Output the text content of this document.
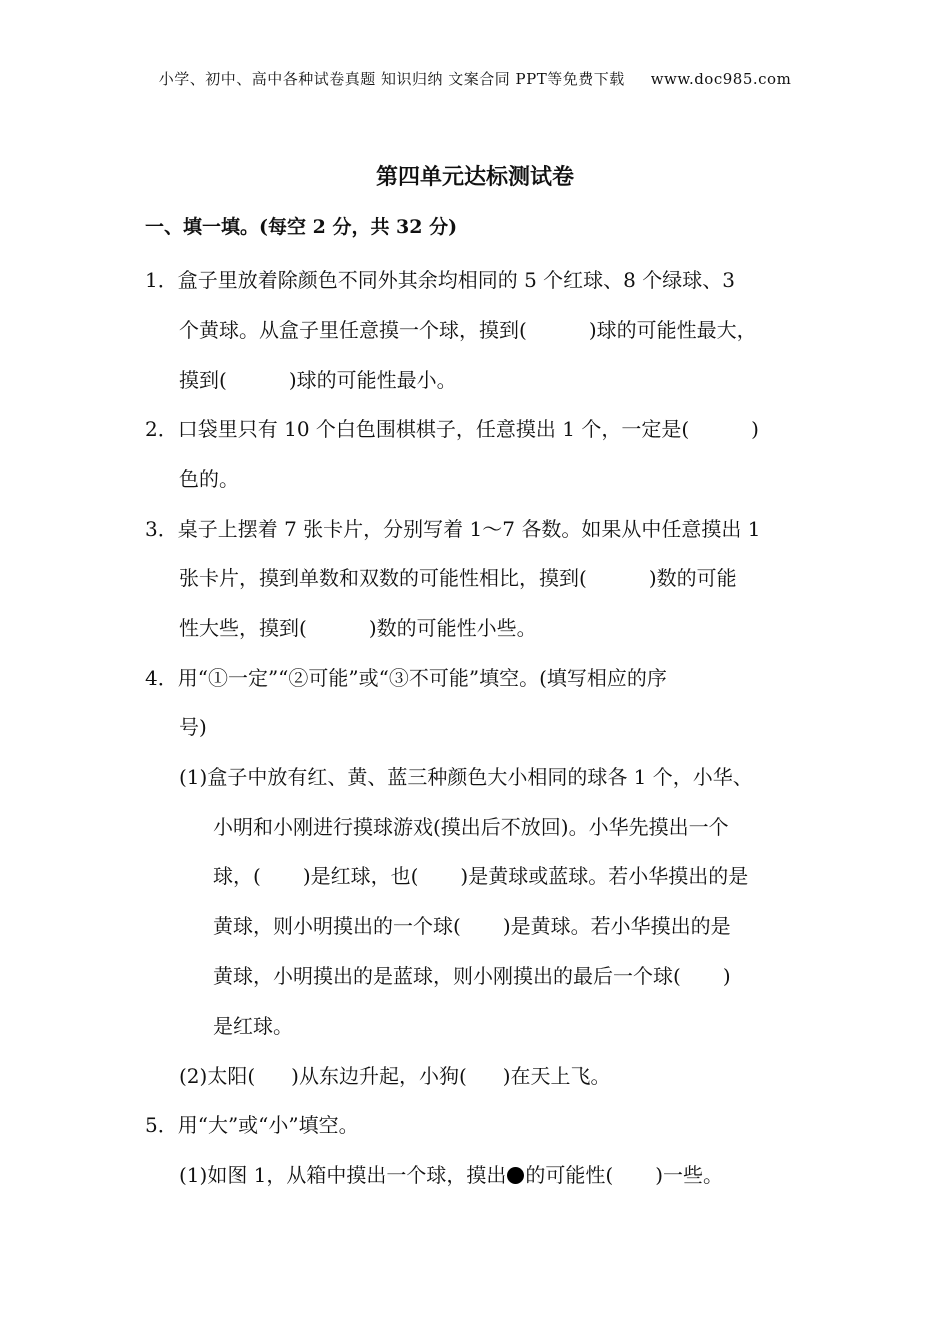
小学、初中、高中各种试卷真题 知识归纳 文案合同 PPT等免费下载 www.doc985.com
第四单元达标测试卷
一、填一填。(每空 2 分，共 32 分)
1．盒子里放着除颜色不同外其余均相同的 5 个红球、8 个绿球、3
个黄球。从盒子里任意摸一个球，摸到(	)球的可能性最大，
摸到(	)球的可能性最小。
2．口袋里只有 10 个白色围棋棋子，任意摸出 1 个，一定是(	)
色的。
3．桌子上摆着 7 张卡片，分别写着 1～7 各数。如果从中任意摸出 1
张卡片，摸到单数和双数的可能性相比，摸到(	)数的可能
性大些，摸到(	)数的可能性小些。
4．用“①一定”“②可能”或“③不可能”填空。(填写相应的序
号)
(1)盒子中放有红、黄、蓝三种颜色大小相同的球各 1 个，小华、
小明和小刚进行摸球游戏(摸出后不放回)。小华先摸出一个
球，( )是红球，也( )是黄球或蓝球。若小华摸出的是
黄球，则小明摸出的一个球( )是黄球。若小华摸出的是
黄球，小明摸出的是蓝球，则小刚摸出的最后一个球( )
是红球。
(2)太阳( )从东边升起，小狗( )在天上飞。
5．用“大”或“小”填空。
(1)如图 1，从箱中摸出一个球，摸出 的可能性( )一些。
